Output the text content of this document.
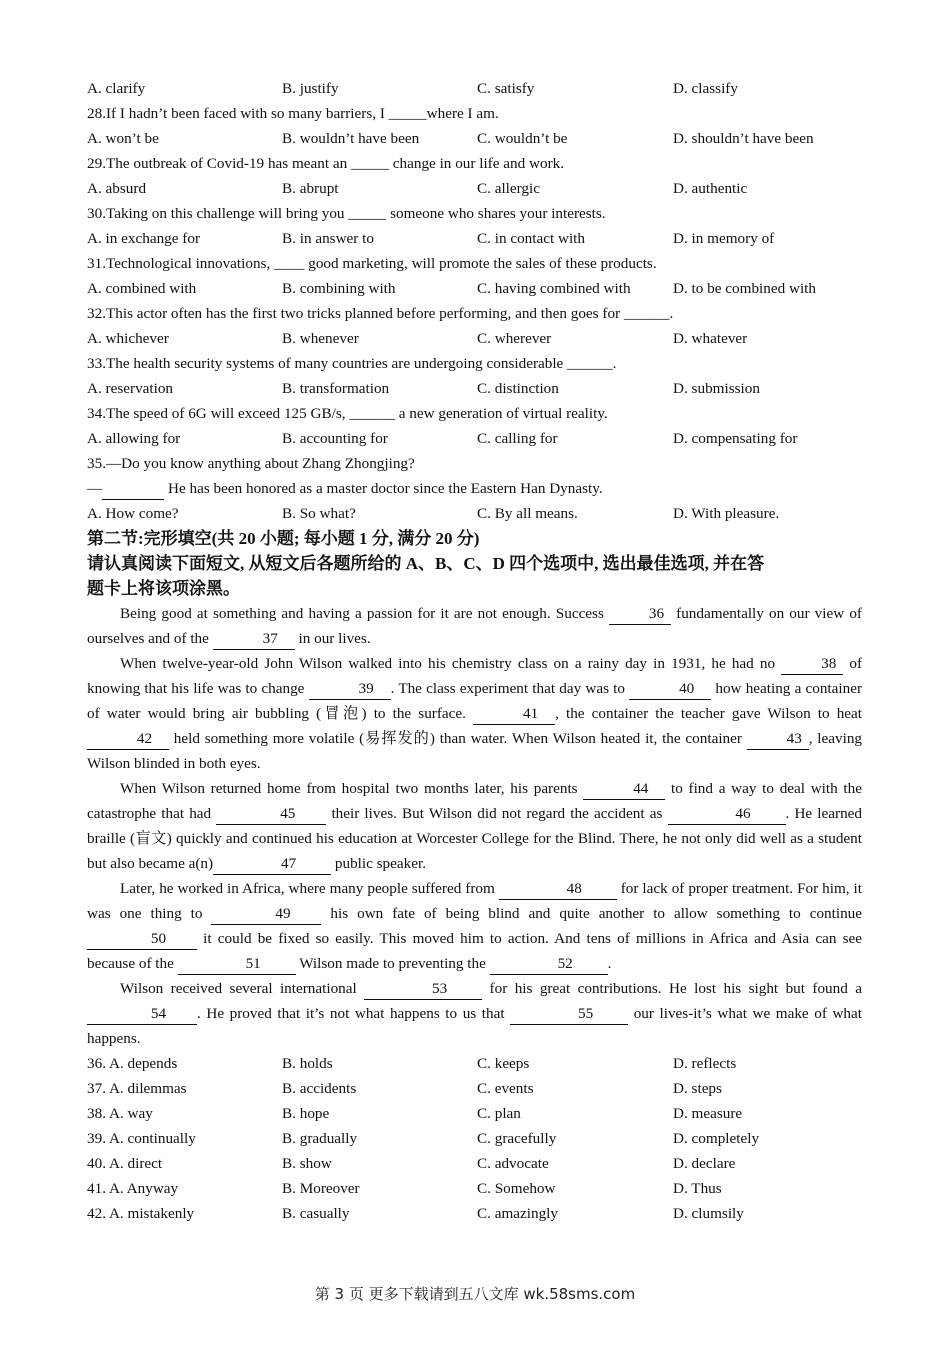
A. clarify	B. justify	C. satisfy	D. classify
28.If I hadn’t been faced with so many barriers, I _____where I am.
A. won’t be	B. wouldn’t have been	C. wouldn’t be	D. shouldn’t have been
29.The outbreak of Covid-19 has meant an _____ change in our life and work.
A. absurd	B. abrupt	C. allergic	D. authentic
30.Taking on this challenge will bring you _____ someone who shares your interests.
A. in exchange for	B. in answer to	C. in contact with	D. in memory of
31.Technological innovations, ____ good marketing, will promote the sales of these products.
A. combined with	B. combining with	C. having combined with	D. to be combined with
32.This actor often has the first two tricks planned before performing, and then goes for ______.
A. whichever	B. whenever	C. wherever	D. whatever
33.The health security systems of many countries are undergoing considerable ______.
A. reservation	B. transformation	C. distinction	D. submission
34.The speed of 6G will exceed 125 GB/s, ______ a new generation of virtual reality.
A. allowing for	B. accounting for	C. calling for	D. compensating for
35.—Do you know anything about Zhang Zhongjing?
—	He has been honored as a master doctor since the Eastern Han Dynasty.
A. How come?	B. So what?	C. By all means.	D. With pleasure.
第二节:完形填空(共 20 小题; 每小题 1 分, 满分 20 分)
请认真阅读下面短文, 从短文后各题所给的 A、B、C、D 四个选项中, 选出最佳选项, 并在答
题卡上将该项涂黑。
Being good at something and having a passion for it are not enough. Success	36 fundamentally on our view of ourselves and of the	37 in our lives.
When twelve-year-old John Wilson walked into his chemistry class on a rainy day in 1931, he had no	38 of knowing that his life was to change	39 . The class experiment that day was to	40 how heating a container of water would bring air bubbling (冒泡) to the surface.	41 , the container the teacher gave Wilson to heat 42 held something more volatile (易挥发的) than water. When Wilson heated it, the container	43 , leaving Wilson blinded in both eyes.
When Wilson returned home from hospital two months later, his parents	44 to find a way to deal with the catastrophe that had	45 their lives. But Wilson did not regard the accident as	46 . He learned braille (盲文) quickly and continued his education at Worcester College for the Blind. There, he not only did well as a student but also became a(n)	47 public speaker.
Later, he worked in Africa, where many people suffered from	48 for lack of proper treatment. For him, it was one thing to	49 his own fate of being blind and quite another to allow something to continue 50 it could be fixed so easily. This moved him to action. And tens of millions in Africa and Asia can see because of the	51 Wilson made to preventing the	52 .
Wilson received several international	53 for his great contributions. He lost his sight but found a 54 . He proved that it’s not what happens to us that	55 our lives-it’s what we make of what happens.
36. A. depends	B. holds	C. keeps	D. reflects
37. A. dilemmas	B. accidents	C. events	D. steps
38. A. way	B. hope	C. plan	D. measure
39. A. continually	B. gradually	C. gracefully	D. completely
40. A. direct	B. show	C. advocate	D. declare
41. A. Anyway	B. Moreover	C. Somehow	D. Thus
42. A. mistakenly	B. casually	C. amazingly	D. clumsily
第 3 页 更多下载请到五八文库 wk.58sms.com
